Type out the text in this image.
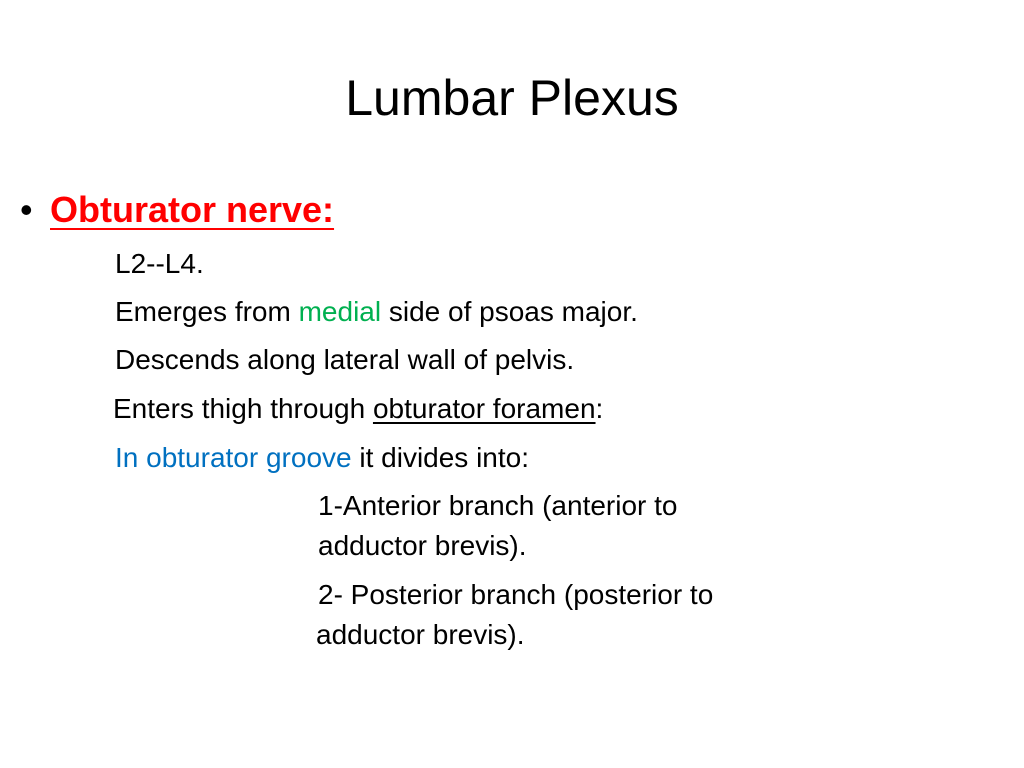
Lumbar Plexus
• Obturator nerve:
L2--L4.
Emerges from medial side of psoas major.
Descends along lateral wall of pelvis.
Enters thigh through obturator foramen:
In obturator groove it divides into:
1-Anterior branch (anterior to
adductor brevis).
2- Posterior branch (posterior to
adductor brevis).
